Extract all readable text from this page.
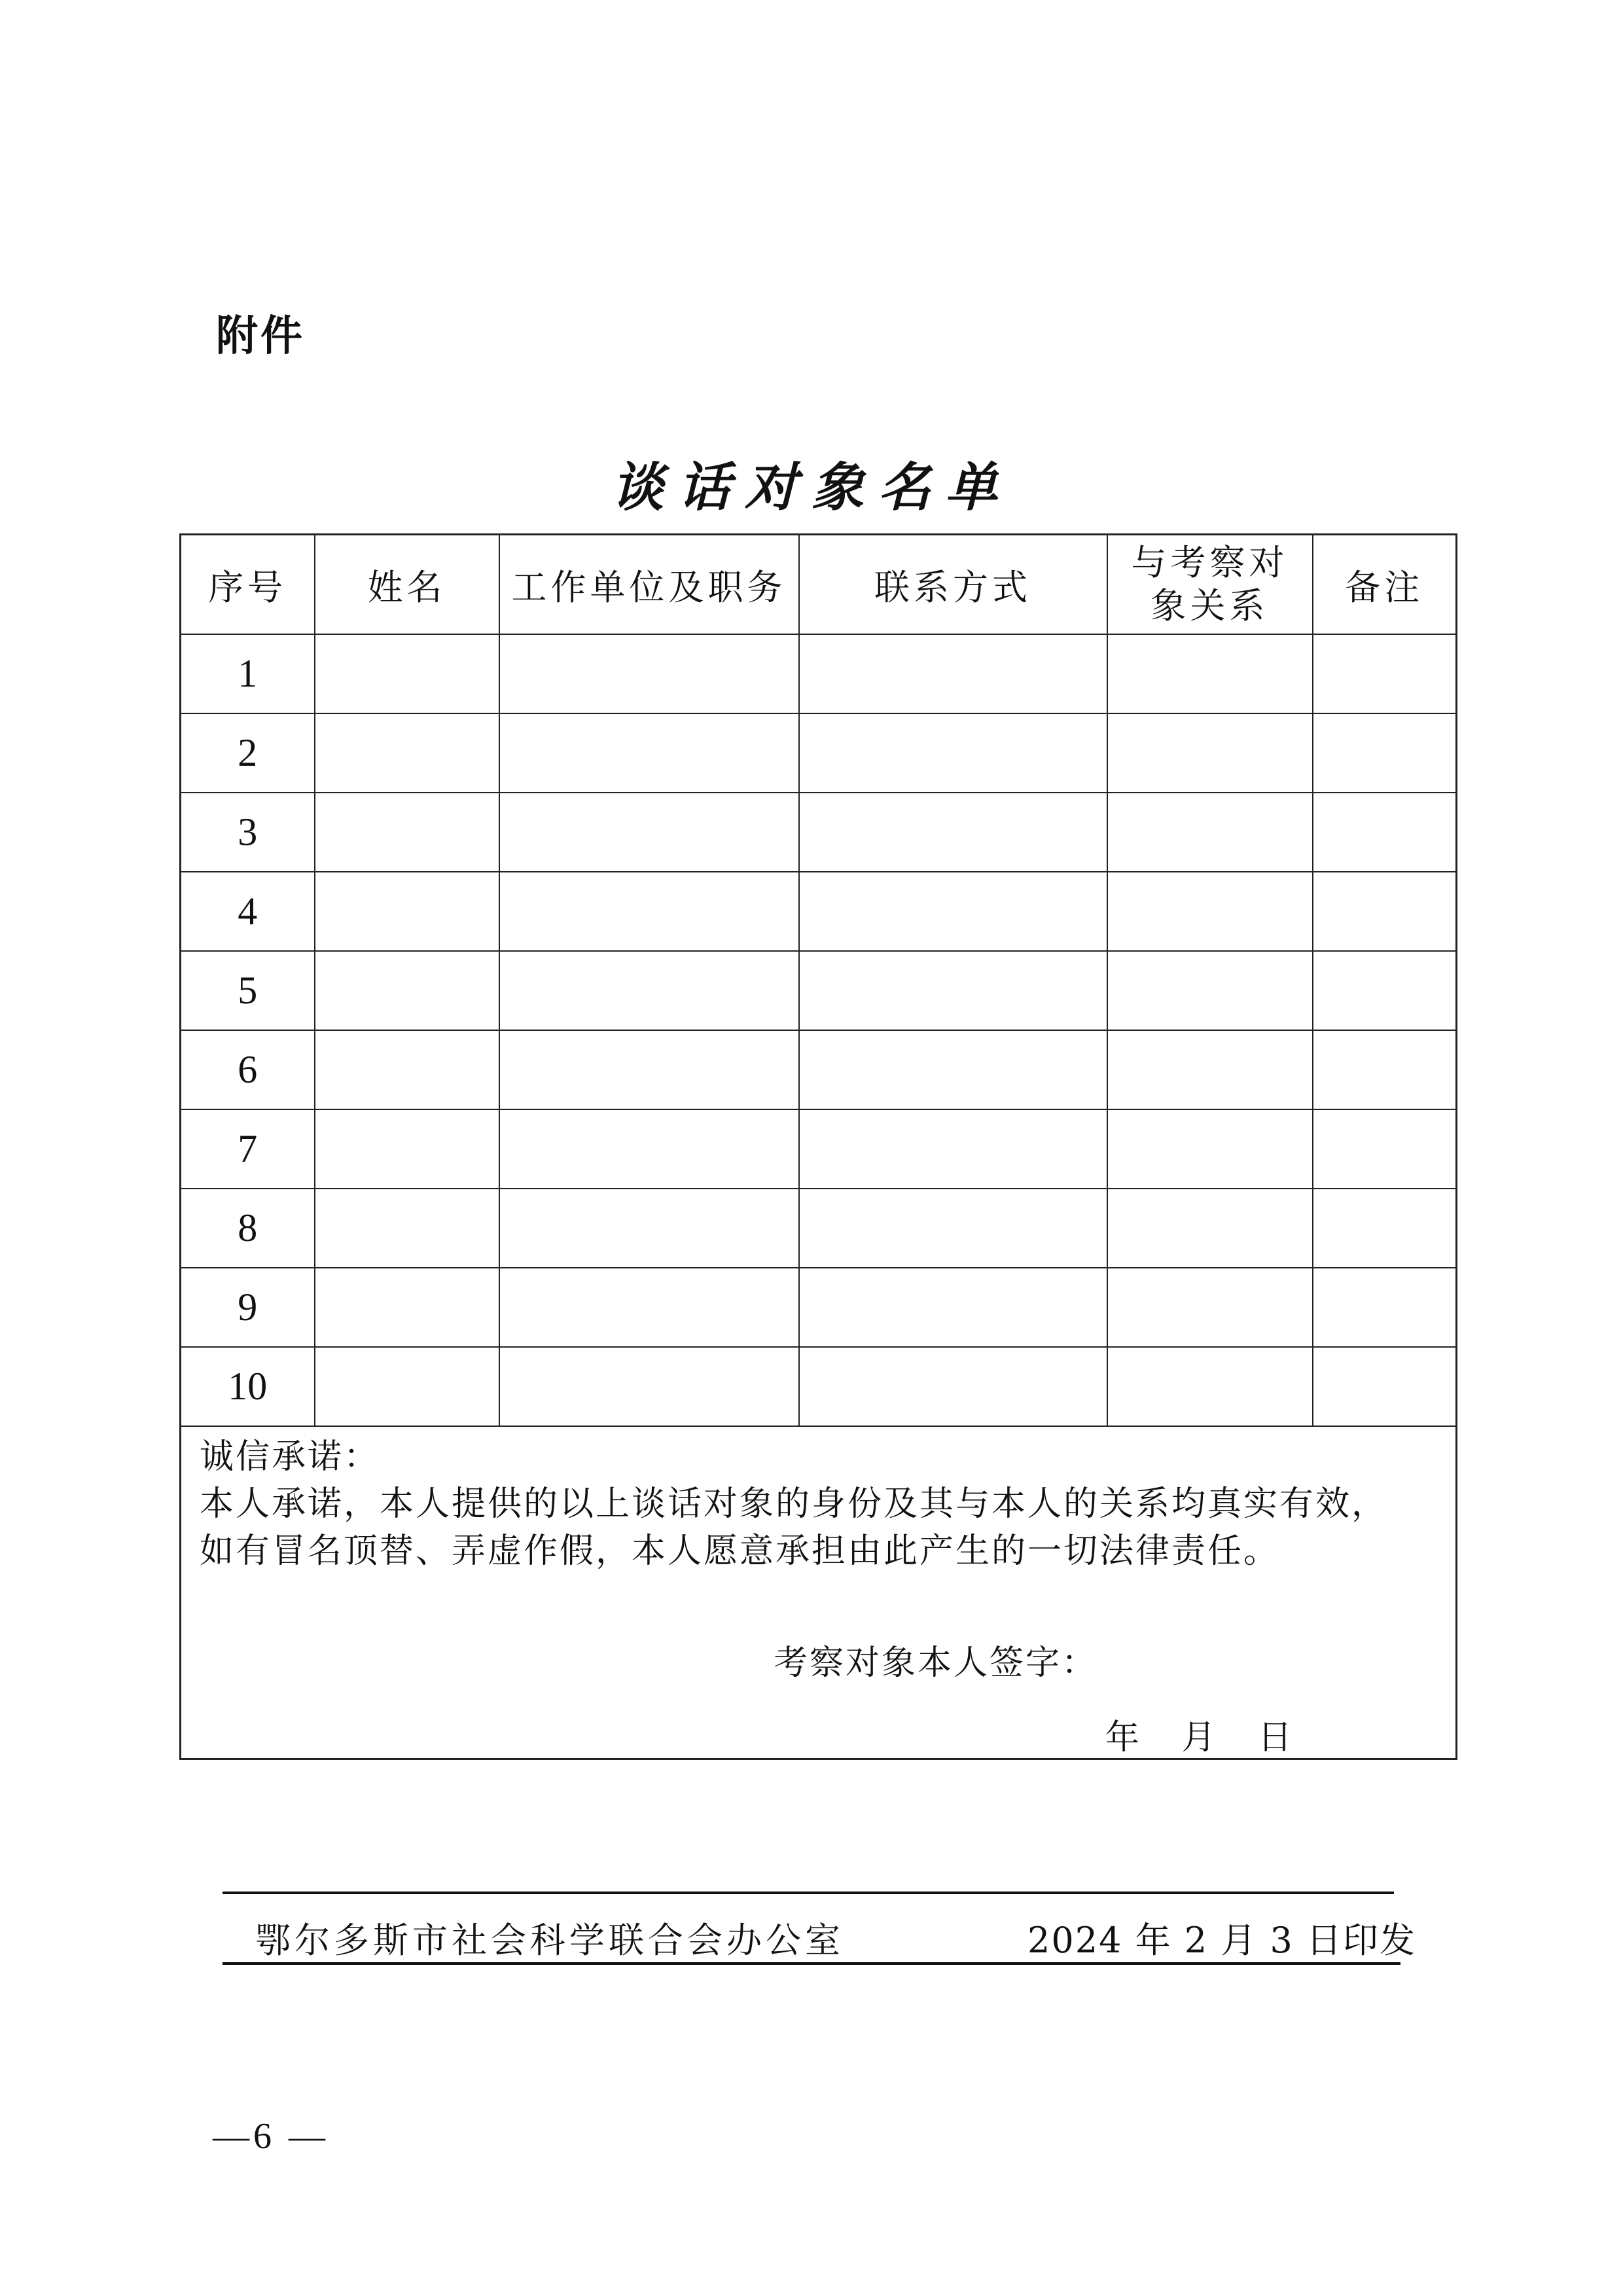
附件
谈话对象名单
序号	姓名	工作单位及职务	联系方式	与考察对
象关系	备注
1					
2					
3					
4					
5					
6					
7					
8					
9					
10					

诚信承诺：
本人承诺，本人提供的以上谈话对象的身份及其与本人的关系均真实有效，
如有冒名顶替、弄虚作假，本人愿意承担由此产生的一切法律责任。
考察对象本人签字：
年 月 日					
鄂尔多斯市社会科学联合会办公室	2024 年 2 月 3 日印发
—6 —
